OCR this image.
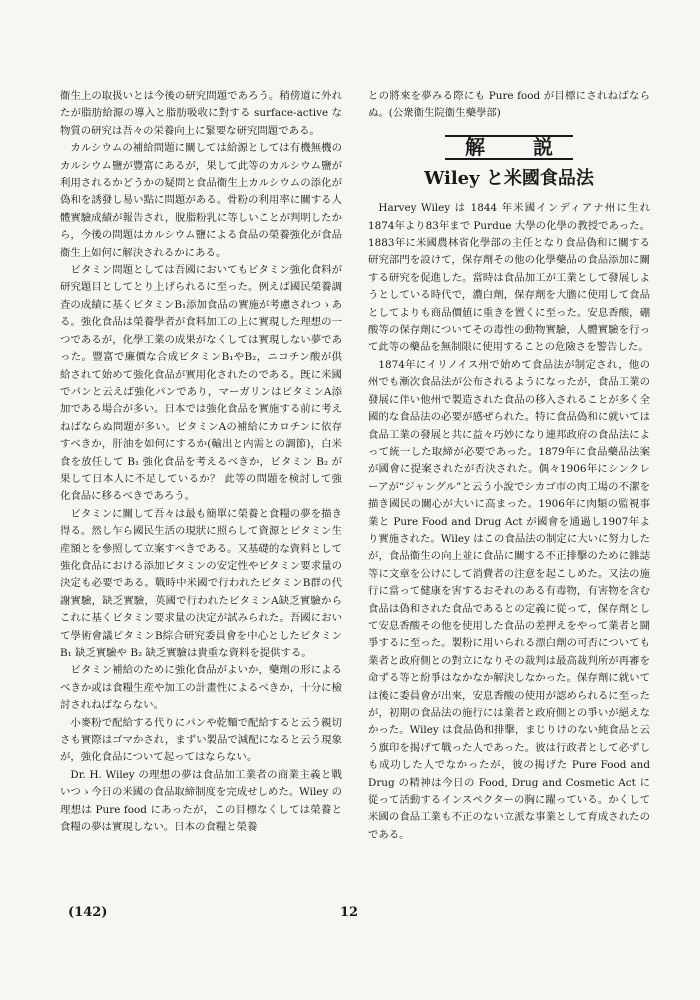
衞生上の取扱いとは今後の研究問題であろう。稍傍道に外れたが脂肪給源の導入と脂肪吸收に對する surface-active な物質の研究は吾々の栄養向上に緊要な研究問題である。

カルシウムの補給問題に關しては給源としては有機無機のカルシウム鹽が豐富にあるが，果して此等のカルシウム鹽が利用されるかどうかの疑問と食品衞生上カルシウムの添化が偽和を誘發し易い點に問題がある。骨粉の利用率に關する人體實驗成績が報告され，脫脂粉乳に等しいことが判明したから，今後の問題はカルシウム鹽による食品の榮養強化が食品衞生上如何に解決されるかにある。

ビタミン問題としては吾國においてもビタミン強化食料が研究題目としてとり上げられるに至った。例えば國民榮養調査の成績に基くビタミンB₁添加食品の實施が考慮されつゝある。強化食品は榮養學者が食料加工の上に實現した理想の一つであるが，化學工業の成果がなくしては實現しない夢であった。豐富で廉價な合成ビタミンB₁やB₂，ニコチン酸が供給されて始めて強化食品が實用化されたのである。旣に米國でパンと云えば強化パンであり，マーガリンはビタミンA添加である場合が多い。日本では強化食品を實施する前に考えねばならぬ問題が多い。ビタミンAの補給にカロチンに依存すべきか，肝油を如何にするか(輸出と内需との調節)，白米食を放任して B₁ 強化食品を考えるべきか，ビタミン B₂ が果して日本人に不足しているか？ 此等の問題を検討して強化食品に移るべきであろう。

ビタミンに關して吾々は最も簡單に榮養と食糧の夢を描き得る。然し乍ら國民生活の現狀に照らして資源とビタミン生産額とを參照して立案すべきである。又基礎的な資料として強化食品における添加ビタミンの安定性やビタミン要求量の決定も必要である。戰時中米國で行われたビタミンB群の代謝實驗，缺乏實驗，英國で行われたビタミンA缺乏實驗からこれに基くビタミン要求量の決定が試みられた。吾國において學術會議ビタミンB綜合研究委員會を中心としたビタミン B₁ 缺乏實驗や B₂ 缺乏實驗は貴重な資料を提供する。

ビタミン補給のために強化食品がよいか，藥劑の形によるべきか或は食糧生産や加工の計畫性によるべきか，十分に檢討されねばならない。

小麥粉で配給する代りにパンや乾麵で配給すると云う親切さも實際はゴマかされ，まずい製品で減配になると云う現象が，強化食品について起ってはならない。

Dr. H. Wiley の理想の夢は食品加工業者の商業主義と戰いつゝ今日の米國の食品取締制度を完成せしめた。Wiley の理想は Pure food にあったが，この目標なくしては榮養と食糧の夢は實現しない。日本の食糧と榮養

との將來を夢みる際にも Pure food が目標にされねばならぬ。(公衆衞生院衞生藥學部)

解　説
Wiley と米國食品法

Harvey Wiley は 1844 年米國インディアナ州に生れ 1874年より83年まで Purdue 大學の化學の教授であった。1883年に米國農林省化學部の主任となり食品偽和に關する研究部門を設けて，保存劑その他の化學藥品の食品添加に關する研究を促進した。當時は食品加工が工業として發展しようとしている時代で，濃白劑，保存劑を大膽に使用して食品としてよりも商品價値に重きを置くに至った。安息香酸，硼酸等の保存劑についてその毒性の動物實驗，人體實驗を行って此等の藥品を無制限に使用することの危險さを警告した。

1874年にイリノイス州で始めて食品法が制定され，他の州でも漸次食品法が公布されるようになったが，食品工業の發展に伴い他州で製造された食品の移入されることが多く全國的な食品法の必要が感ぜられた。特に食品偽和に就いては食品工業の發展と共に益々巧妙になり連邦政府の食品法によって統一した取締が必要であった。1879年に食品藥品法案が國會に提案されたが否決された。偶々1906年にシンクレーアが“ジャングル”と云う小說でシカゴ市の肉工場の不潔を描き國民の關心が大いに高まった。1906年に肉類の監視事業と Pure Food and Drug Act が國會を通過し1907年より實施された。Wiley はこの食品法の制定に大いに努力したが，食品衞生の向上並に食品に關する不正排擊のために雜誌等に文章を公けにして消費者の注意を起こしめた。又法の施行に當って健康を害するおそれのある有毒物，有害物を含む食品は偽和された食品であるとの定義に從って，保存劑として安息香酸その他を使用した食品の差押えをやって業者と鬪爭するに至った。製粉に用いられる漂白劑の可否についても業者と政府側との對立になりその裁判は最高裁判所が再審を命ずる等と紛爭はなかなか解決しなかった。保存劑に就いては後に委員會が出來，安息香酸の使用が認められるに至ったが，初期の食品法の施行には業者と政府側との爭いが絕えなかった。Wiley は食品偽和排擊，まじりけのない純食品と云う旗印を揭げて戰った人であった。彼は行政者として必ずしも成功した人でなかったが，彼の揭げた Pure Food and Drug の精神は今日の Food, Drug and Cosmetic Act に從って活動するインスペクターの胸に躍っている。かくして米國の食品工業も不正のない立派な事業として育成されたのである。

(142)	12
